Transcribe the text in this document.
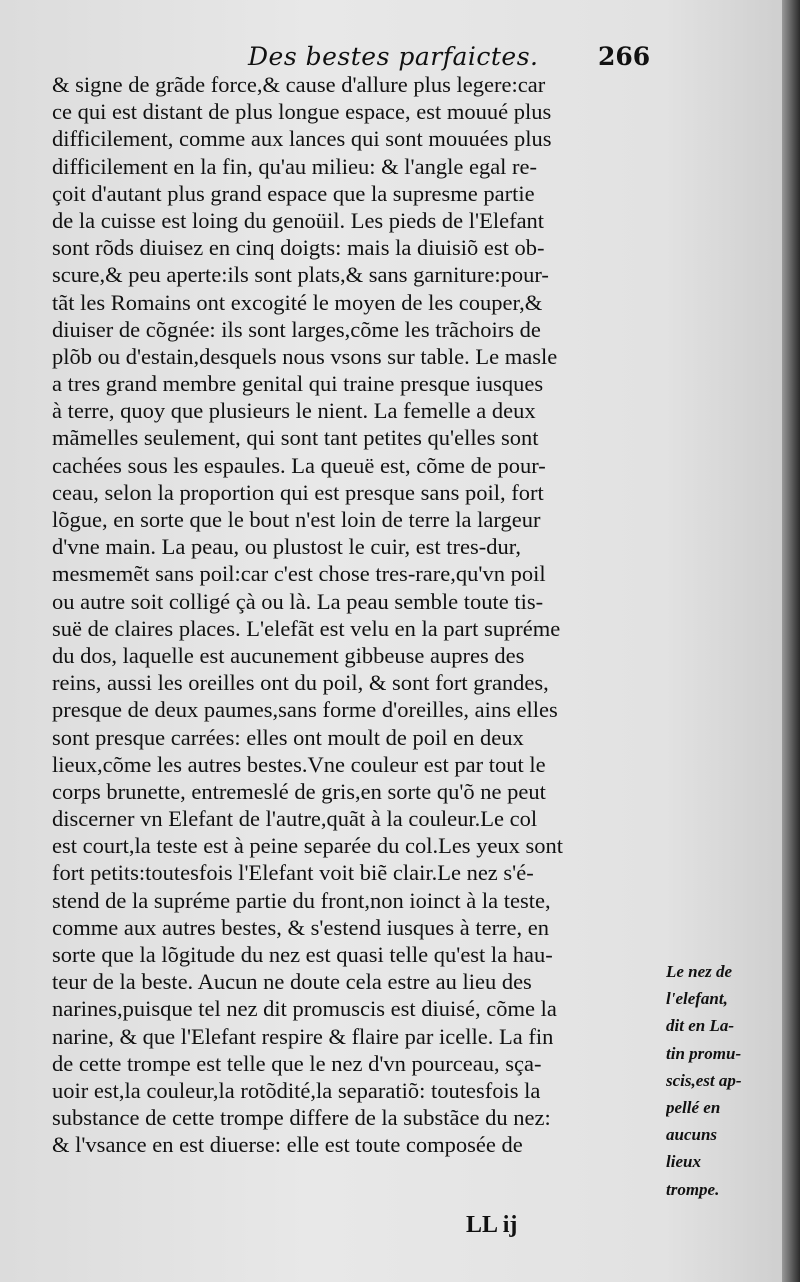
Des bestes parfaictes. 266
& signe de grãde force,& cause d'allure plus legere:car
ce qui est distant de plus longue espace, est mouué plus
difficilement, comme aux lances qui sont mouuées plus
difficilement en la fin, qu'au milieu: & l'angle egal re-
çoit d'autant plus grand espace que la supresme partie
de la cuisse est loing du genoüil. Les pieds de l'Elefant
sont rõds diuisez en cinq doigts: mais la diuisiõ est ob-
scure,& peu aperte:ils sont plats,& sans garniture:pour-
tãt les Romains ont excogité le moyen de les couper,&
diuiser de cõgnée: ils sont larges,cõme les trãchoirs de
plõb ou d'estain,desquels nous vsons sur table. Le masle
a tres grand membre genital qui traine presque iusques
à terre, quoy que plusieurs le nient. La femelle a deux
mãmelles seulement, qui sont tant petites qu'elles sont
cachées sous les espaules. La queuë est, cõme de pour-
ceau, selon la proportion qui est presque sans poil, fort
lõgue, en sorte que le bout n'est loin de terre la largeur
d'vne main. La peau, ou plustost le cuir, est tres-dur,
mesmemẽt sans poil:car c'est chose tres-rare,qu'vn poil
ou autre soit colligé çà ou là. La peau semble toute tis-
suë de claires places. L'elefãt est velu en la part supréme
du dos, laquelle est aucunement gibbeuse aupres des
reins, aussi les oreilles ont du poil, & sont fort grandes,
presque de deux paumes,sans forme d'oreilles, ains elles
sont presque carrées: elles ont moult de poil en deux
lieux,cõme les autres bestes.Vne couleur est par tout le
corps brunette, entremeslé de gris,en sorte qu'õ ne peut
discerner vn Elefant de l'autre,quãt à la couleur.Le col
est court,la teste est à peine separée du col.Les yeux sont
fort petits:toutesfois l'Elefant voit biẽ clair.Le nez s'é-
stend de la supréme partie du front,non ioinct à la teste,
comme aux autres bestes, & s'estend iusques à terre, en
sorte que la lõgitude du nez est quasi telle qu'est la hau-
teur de la beste. Aucun ne doute cela estre au lieu des
narines,puisque tel nez dit promuscis est diuisé, cõme la
narine, & que l'Elefant respire & flaire par icelle. La fin
de cette trompe est telle que le nez d'vn pourceau, sça-
uoir est,la couleur,la rotõdité,la separatiõ: toutesfois la
substance de cette trompe differe de la substãce du nez:
& l'vsance en est diuerse: elle est toute composée de
Le nez de
l'elefant,
dit en La-
tin promu-
scis,est ap-
pellé en
aucuns
lieux
trompe.
LL ij
